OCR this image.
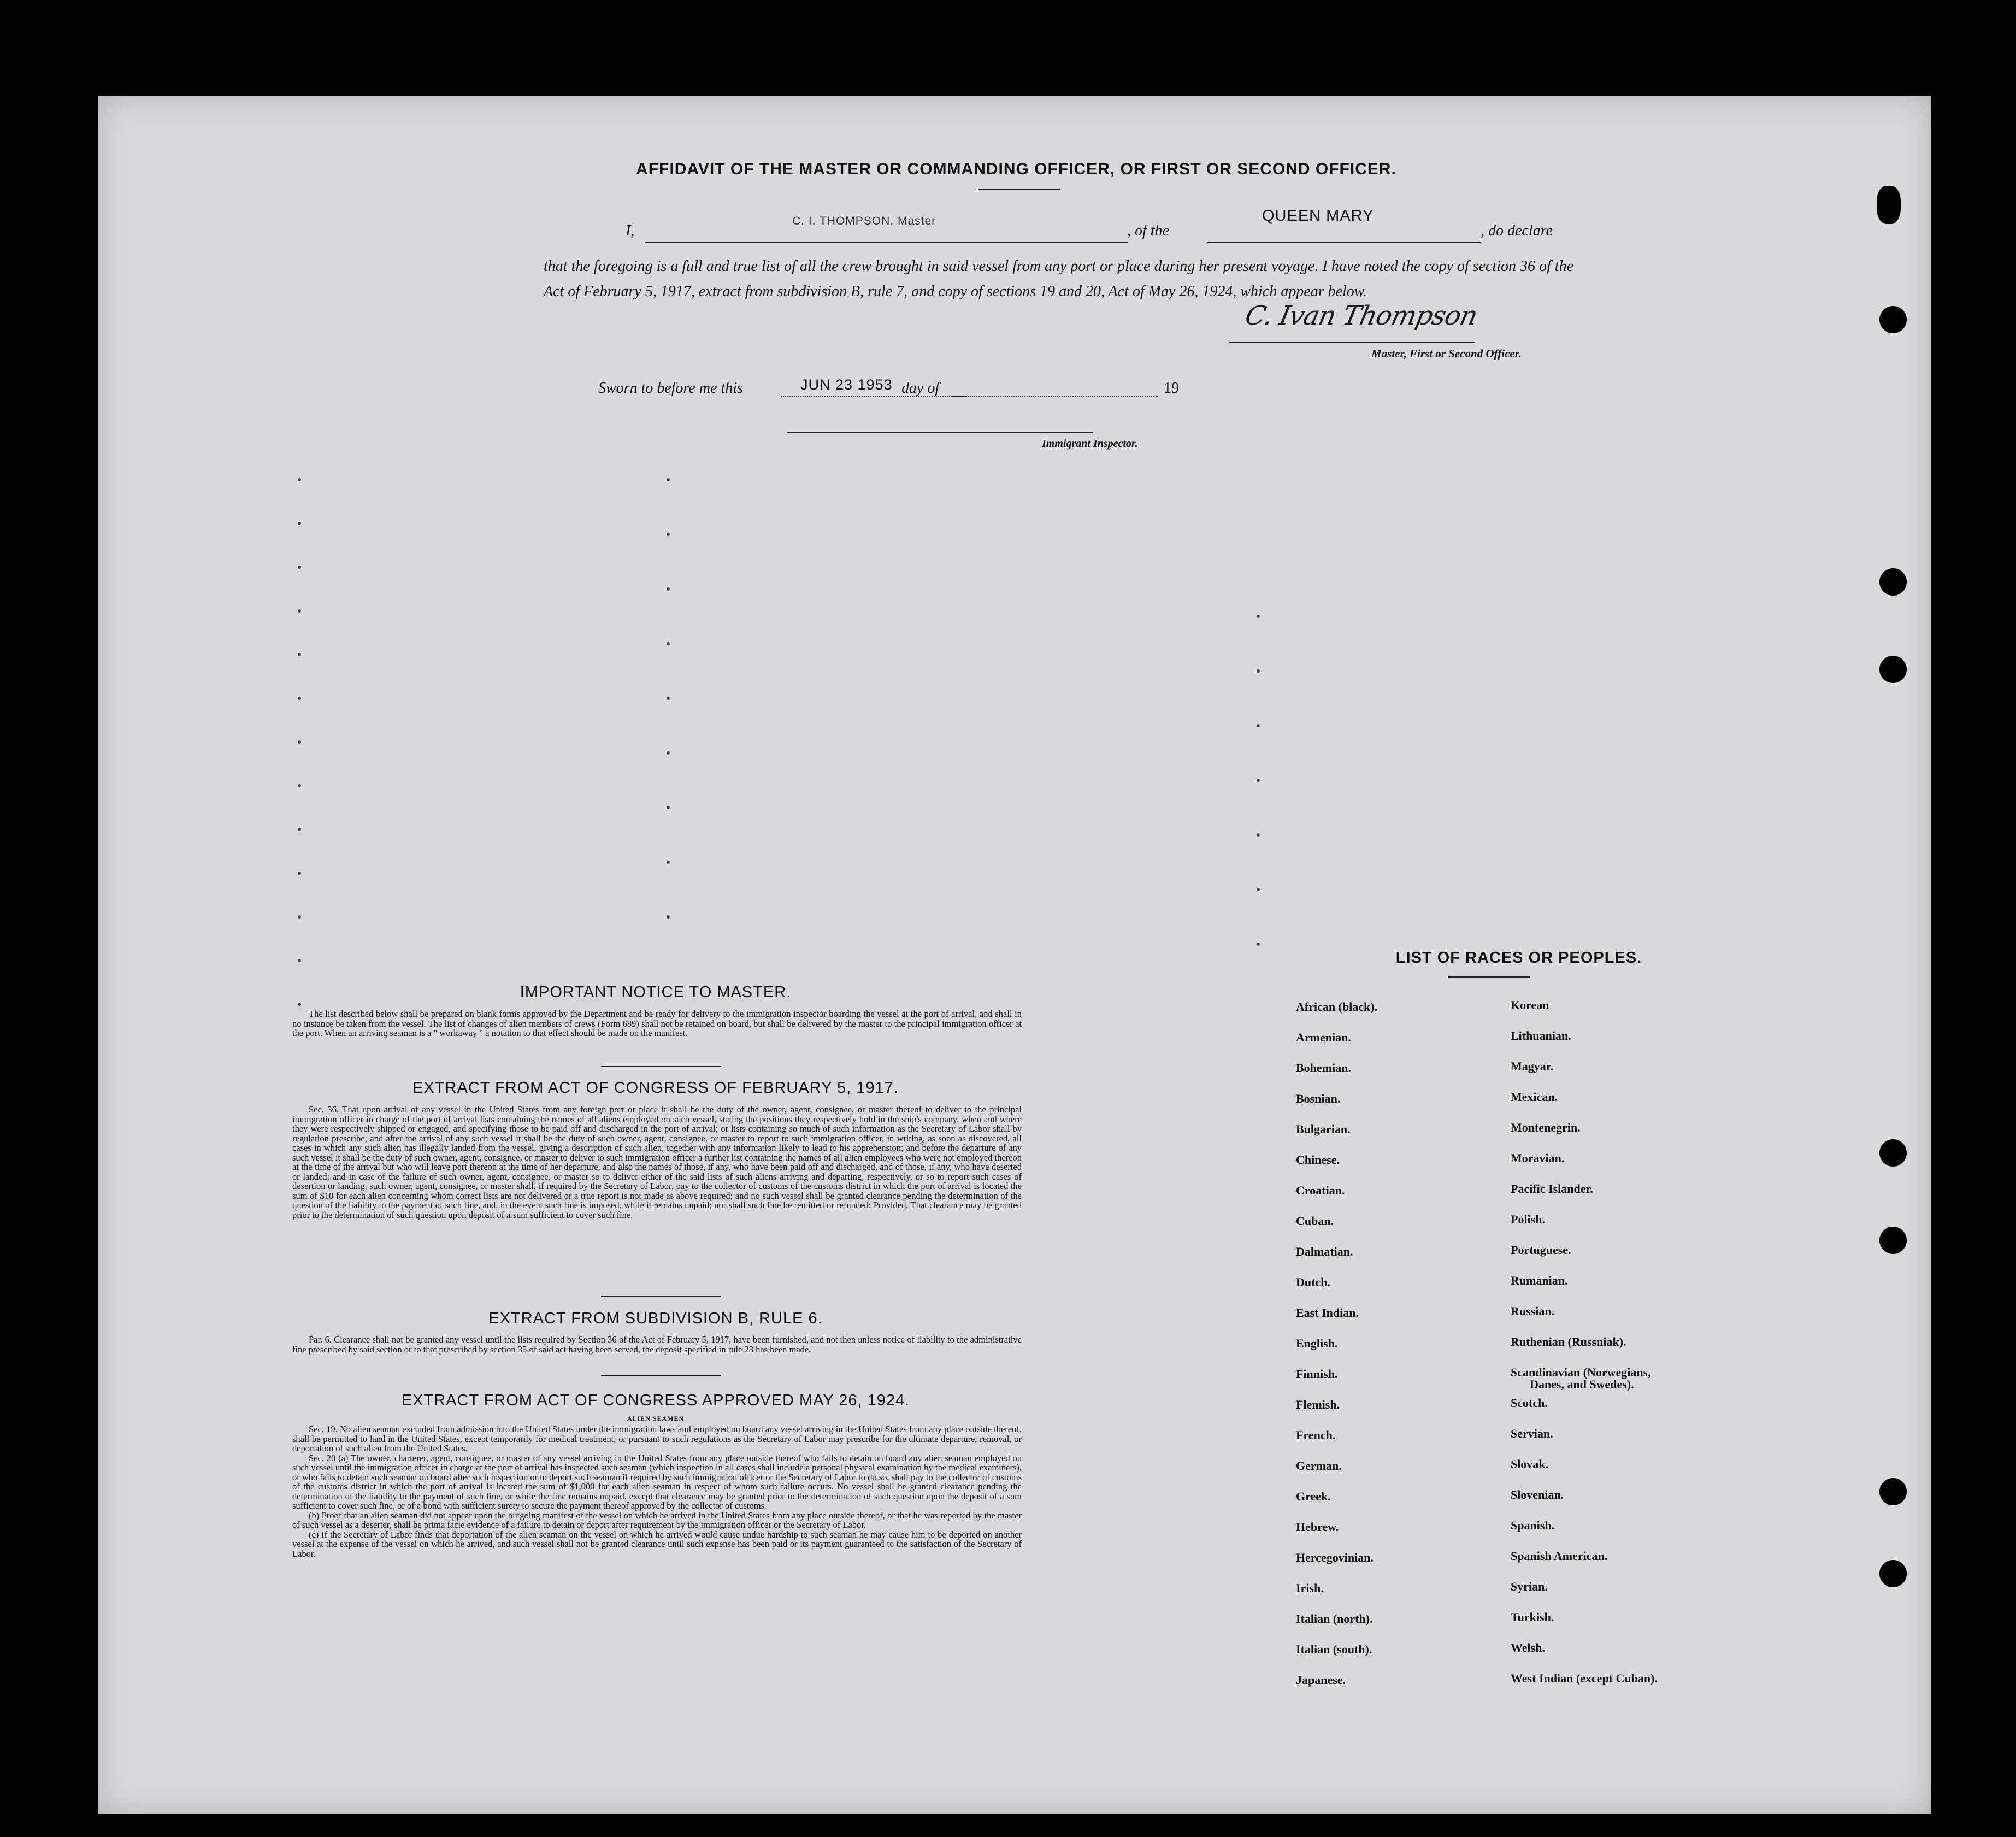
AFFIDAVIT OF THE MASTER OR COMMANDING OFFICER, OR FIRST OR SECOND OFFICER.
I,
C. I. THOMPSON, Master
, of the
QUEEN MARY
, do declare
that the foregoing is a full and true list of all the crew brought in said vessel from any port or place during her present voyage. I have noted the copy of section 36 of the Act of February 5, 1917, extract from subdivision B, rule 7, and copy of sections 19 and 20, Act of May 26, 1924, which appear below.
C. Ivan Thompson
Master, First or Second Officer.
Sworn to before me this	JUN 23 1953 day of	19
Immigrant Inspector.
IMPORTANT NOTICE TO MASTER.

The list described below shall be prepared on blank forms approved by the Department and be ready for delivery to the immigration inspector boarding the vessel at the port of arrival, and shall in no instance be taken from the vessel. The list of changes of alien members of crews (Form 689) shall not be retained on board, but shall be delivered by the master to the principal immigration officer at the port. When an arriving seaman is a " workaway " a notation to that effect should be made on the manifest.

EXTRACT FROM ACT OF CONGRESS OF FEBRUARY 5, 1917.

Sec. 36. That upon arrival of any vessel in the United States from any foreign port or place it shall be the duty of the owner, agent, consignee, or master thereof to deliver to the principal immigration officer in charge of the port of arrival lists containing the names of all aliens employed on such vessel, stating the positions they respectively hold in the ship's company, when and where they were respectively shipped or engaged, and specifying those to be paid off and discharged in the port of arrival; or lists containing so much of such information as the Secretary of Labor shall by regulation prescribe; and after the arrival of any such vessel it shall be the duty of such owner, agent, consignee, or master to report to such immigration officer, in writing, as soon as discovered, all cases in which any such alien has illegally landed from the vessel, giving a description of such alien, together with any information likely to lead to his apprehension; and before the departure of any such vessel it shall be the duty of such owner, agent, consignee, or master to deliver to such immigration officer a further list containing the names of all alien employees who were not employed thereon at the time of the arrival but who will leave port thereon at the time of her departure, and also the names of those, if any, who have been paid off and discharged, and of those, if any, who have deserted or landed; and in case of the failure of such owner, agent, consignee, or master so to deliver either of the said lists of such aliens arriving and departing, respectively, or so to report such cases of desertion or landing, such owner, agent, consignee, or master shall, if required by the Secretary of Labor, pay to the collector of customs of the customs district in which the port of arrival is located the sum of $10 for each alien concerning whom correct lists are not delivered or a true report is not made as above required; and no such vessel shall be granted clearance pending the determination of the question of the liability to the payment of such fine, and, in the event such fine is imposed, while it remains unpaid; nor shall such fine be remitted or refunded: Provided, That clearance may be granted prior to the determination of such question upon deposit of a sum sufficient to cover such fine.

EXTRACT FROM SUBDIVISION B, RULE 6.

Par. 6. Clearance shall not be granted any vessel until the lists required by Section 36 of the Act of February 5, 1917, have been furnished, and not then unless notice of liability to the administrative fine prescribed by said section or to that prescribed by section 35 of said act having been served, the deposit specified in rule 23 has been made.

EXTRACT FROM ACT OF CONGRESS APPROVED MAY 26, 1924.
ALIEN SEAMEN

Sec. 19. No alien seaman excluded from admission into the United States under the immigration laws and employed on board any vessel arriving in the United States from any place outside thereof, shall be permitted to land in the United States, except temporarily for medical treatment, or pursuant to such regulations as the Secretary of Labor may prescribe for the ultimate departure, removal, or deportation of such alien from the United States.

Sec. 20 (a) The owner, charterer, agent, consignee, or master of any vessel arriving in the United States from any place outside thereof who fails to detain on board any alien seaman employed on such vessel until the immigration officer in charge at the port of arrival has inspected such seaman (which inspection in all cases shall include a personal physical examination by the medical examiners), or who fails to detain such seaman on board after such inspection or to deport such seaman if required by such immigration officer or the Secretary of Labor to do so, shall pay to the collector of customs of the customs district in which the port of arrival is located the sum of $1,000 for each alien seaman in respect of whom such failure occurs. No vessel shall be granted clearance pending the determination of the liability to the payment of such fine, or while the fine remains unpaid, except that clearance may be granted prior to the determination of such question upon the deposit of a sum sufficient to cover such fine, or of a bond with sufficient surety to secure the payment thereof approved by the collector of customs.

(b) Proof that an alien seaman did not appear upon the outgoing manifest of the vessel on which he arrived in the United States from any place outside thereof, or that he was reported by the master of such vessel as a deserter, shall be prima facie evidence of a failure to detain or deport after requirement by the immigration officer or the Secretary of Labor.

(c) If the Secretary of Labor finds that deportation of the alien seaman on the vessel on which he arrived would cause undue hardship to such seaman he may cause him to be deported on another vessel at the expense of the vessel on which he arrived, and such vessel shall not be granted clearance until such expense has been paid or its payment guaranteed to the satisfaction of the Secretary of Labor.

LIST OF RACES OR PEOPLES.
African (black).
Armenian.
Bohemian.
Bosnian.
Bulgarian.
Chinese.
Croatian.
Cuban.
Dalmatian.
Dutch.
East Indian.
English.
Finnish.
Flemish.
French.
German.
Greek.
Hebrew.
Hercegovinian.
Irish.
Italian (north).
Italian (south).
Japanese.
Korean
Lithuanian.
Magyar.
Mexican.
Montenegrin.
Moravian.
Pacific Islander.
Polish.
Portuguese.
Rumanian.
Russian.
Ruthenian (Russniak).
Scandinavian (Norwegians,
Danes, and Swedes).
Scotch.
Servian.
Slovak.
Slovenian.
Spanish.
Spanish American.
Syrian.
Turkish.
Welsh.
West Indian (except Cuban).
